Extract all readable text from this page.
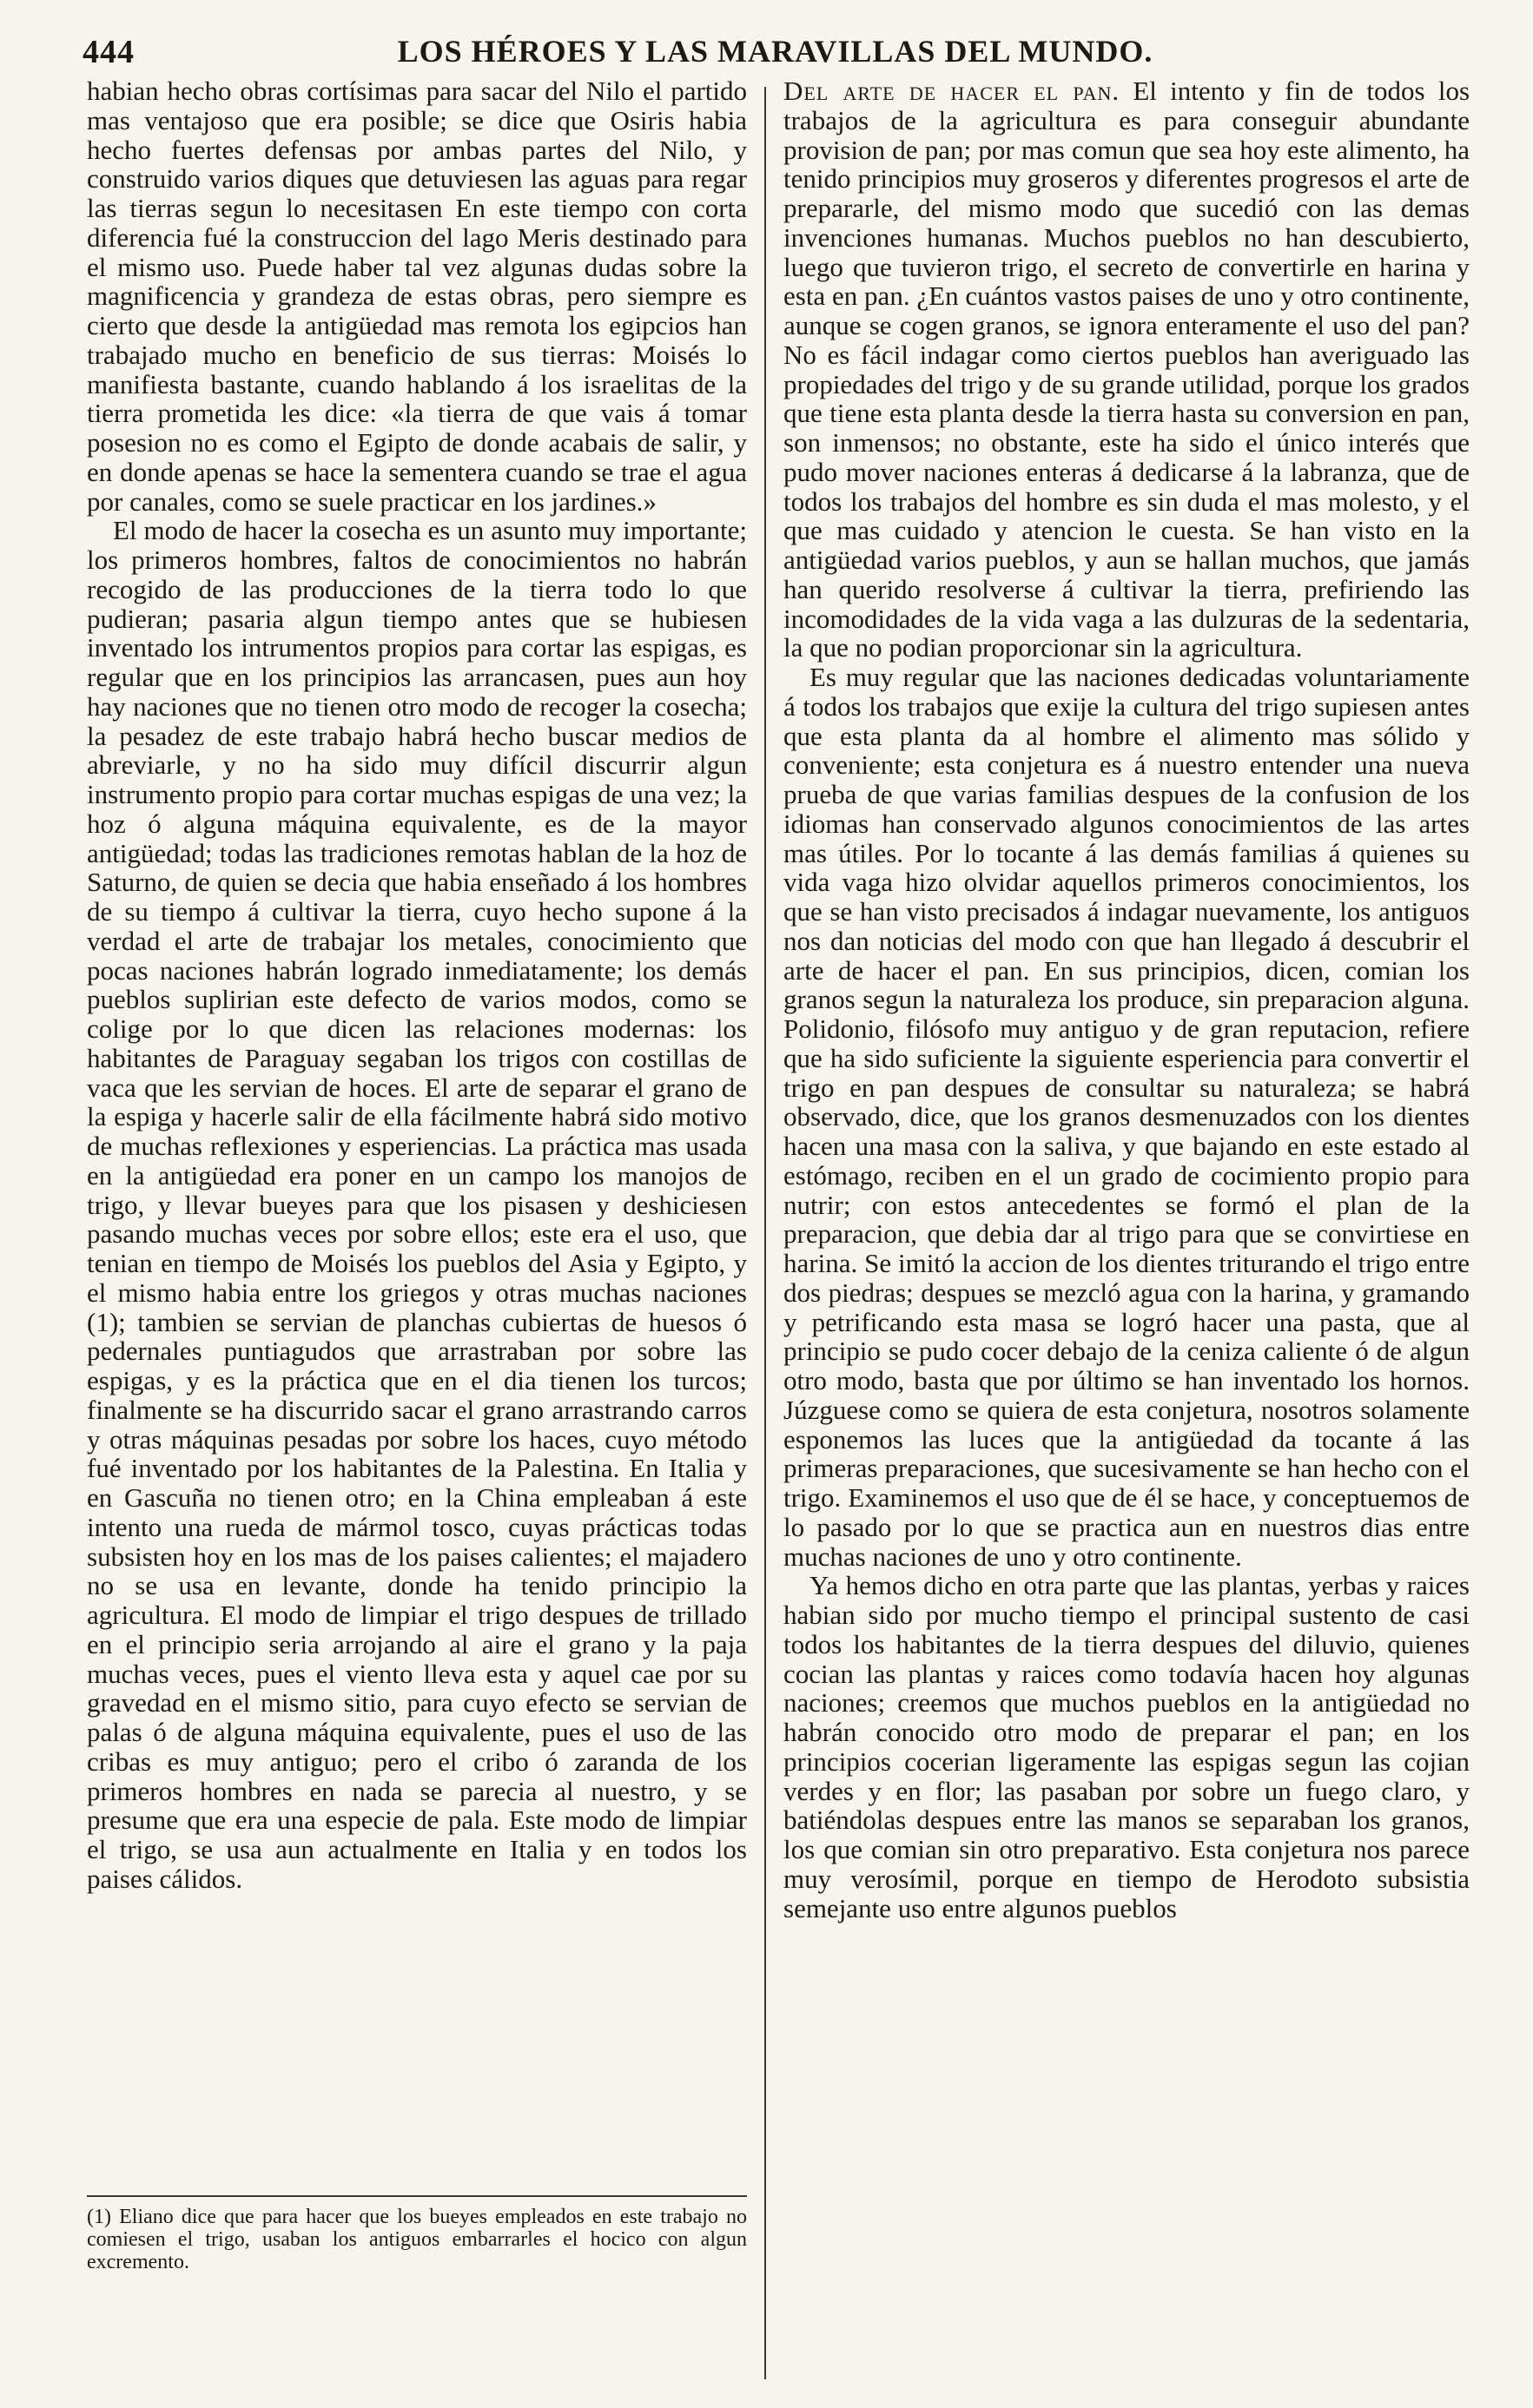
444	LOS HÉROES Y LAS MARAVILLAS DEL MUNDO.

habian hecho obras cortísimas para sacar del Nilo el partido mas ventajoso que era posible; se dice que Osiris habia hecho fuertes defensas por ambas partes del Nilo, y construido varios diques que detuviesen las aguas para regar las tierras segun lo necesitasen En este tiempo con corta diferencia fué la construccion del lago Meris destinado para el mismo uso. Puede haber tal vez algunas dudas sobre la magnificencia y grandeza de estas obras, pero siempre es cierto que desde la antigüedad mas remota los egipcios han trabajado mucho en beneficio de sus tierras: Moisés lo manifiesta bastante, cuando hablando á los israelitas de la tierra prometida les dice: «la tierra de que vais á tomar posesion no es como el Egipto de donde acabais de salir, y en donde apenas se hace la sementera cuando se trae el agua por canales, como se suele practicar en los jardines.»

El modo de hacer la cosecha es un asunto muy importante; los primeros hombres, faltos de conocimientos no habrán recogido de las producciones de la tierra todo lo que pudieran; pasaria algun tiempo antes que se hubiesen inventado los intrumentos propios para cortar las espigas, es regular que en los principios las arrancasen, pues aun hoy hay naciones que no tienen otro modo de recoger la cosecha; la pesadez de este trabajo habrá hecho buscar medios de abreviarle, y no ha sido muy difícil discurrir algun instrumento propio para cortar muchas espigas de una vez; la hoz ó alguna máquina equivalente, es de la mayor antigüedad; todas las tradiciones remotas hablan de la hoz de Saturno, de quien se decia que habia enseñado á los hombres de su tiempo á cultivar la tierra, cuyo hecho supone á la verdad el arte de trabajar los metales, conocimiento que pocas naciones habrán logrado inmediatamente; los demás pueblos suplirian este defecto de varios modos, como se colige por lo que dicen las relaciones modernas: los habitantes de Paraguay segaban los trigos con costillas de vaca que les servian de hoces. El arte de separar el grano de la espiga y hacerle salir de ella fácilmente habrá sido motivo de muchas reflexiones y esperiencias. La práctica mas usada en la antigüedad era poner en un campo los manojos de trigo, y llevar bueyes para que los pisasen y deshiciesen pasando muchas veces por sobre ellos; este era el uso, que tenian en tiempo de Moisés los pueblos del Asia y Egipto, y el mismo habia entre los griegos y otras muchas naciones (1); tambien se servian de planchas cubiertas de huesos ó pedernales puntiagudos que arrastraban por sobre las espigas, y es la práctica que en el dia tienen los turcos; finalmente se ha discurrido sacar el grano arrastrando carros y otras máquinas pesadas por sobre los haces, cuyo método fué inventado por los habitantes de la Palestina. En Italia y en Gascuña no tienen otro; en la China empleaban á este intento una rueda de mármol tosco, cuyas prácticas todas subsisten hoy en los mas de los paises calientes; el majadero no se usa en levante, donde ha tenido principio la agricultura. El modo de limpiar el trigo despues de trillado en el principio seria arrojando al aire el grano y la paja muchas veces, pues el viento lleva esta y aquel cae por su gravedad en el mismo sitio, para cuyo efecto se servian de palas ó de alguna máquina equivalente, pues el uso de las cribas es muy antiguo; pero el cribo ó zaranda de los primeros hombres en nada se parecia al nuestro, y se presume que era una especie de pala. Este modo de limpiar el trigo, se usa aun actualmente en Italia y en todos los paises cálidos.

(1) Eliano dice que para hacer que los bueyes empleados en este trabajo no comiesen el trigo, usaban los antiguos embarrarles el hocico con algun excremento.

Del arte de hacer el pan. El intento y fin de todos los trabajos de la agricultura es para conseguir abundante provision de pan; por mas comun que sea hoy este alimento, ha tenido principios muy groseros y diferentes progresos el arte de prepararle, del mismo modo que sucedió con las demas invenciones humanas. Muchos pueblos no han descubierto, luego que tuvieron trigo, el secreto de convertirle en harina y esta en pan. ¿En cuántos vastos paises de uno y otro continente, aunque se cogen granos, se ignora enteramente el uso del pan? No es fácil indagar como ciertos pueblos han averiguado las propiedades del trigo y de su grande utilidad, porque los grados que tiene esta planta desde la tierra hasta su conversion en pan, son inmensos; no obstante, este ha sido el único interés que pudo mover naciones enteras á dedicarse á la labranza, que de todos los trabajos del hombre es sin duda el mas molesto, y el que mas cuidado y atencion le cuesta. Se han visto en la antigüedad varios pueblos, y aun se hallan muchos, que jamás han querido resolverse á cultivar la tierra, prefiriendo las incomodidades de la vida vaga a las dulzuras de la sedentaria, la que no podian proporcionar sin la agricultura.

Es muy regular que las naciones dedicadas voluntariamente á todos los trabajos que exije la cultura del trigo supiesen antes que esta planta da al hombre el alimento mas sólido y conveniente; esta conjetura es á nuestro entender una nueva prueba de que varias familias despues de la confusion de los idiomas han conservado algunos conocimientos de las artes mas útiles. Por lo tocante á las demás familias á quienes su vida vaga hizo olvidar aquellos primeros conocimientos, los que se han visto precisados á indagar nuevamente, los antiguos nos dan noticias del modo con que han llegado á descubrir el arte de hacer el pan. En sus principios, dicen, comian los granos segun la naturaleza los produce, sin preparacion alguna. Polidonio, filósofo muy antiguo y de gran reputacion, refiere que ha sido suficiente la siguiente esperiencia para convertir el trigo en pan despues de consultar su naturaleza; se habrá observado, dice, que los granos desmenuzados con los dientes hacen una masa con la saliva, y que bajando en este estado al estómago, reciben en el un grado de cocimiento propio para nutrir; con estos antecedentes se formó el plan de la preparacion, que debia dar al trigo para que se convirtiese en harina. Se imitó la accion de los dientes triturando el trigo entre dos piedras; despues se mezcló agua con la harina, y gramando y petrificando esta masa se logró hacer una pasta, que al principio se pudo cocer debajo de la ceniza caliente ó de algun otro modo, basta que por último se han inventado los hornos. Júzguese como se quiera de esta conjetura, nosotros solamente esponemos las luces que la antigüedad da tocante á las primeras preparaciones, que sucesivamente se han hecho con el trigo. Examinemos el uso que de él se hace, y conceptuemos de lo pasado por lo que se practica aun en nuestros dias entre muchas naciones de uno y otro continente.

Ya hemos dicho en otra parte que las plantas, yerbas y raices habian sido por mucho tiempo el principal sustento de casi todos los habitantes de la tierra despues del diluvio, quienes cocian las plantas y raices como todavía hacen hoy algunas naciones; creemos que muchos pueblos en la antigüedad no habrán conocido otro modo de preparar el pan; en los principios cocerian ligeramente las espigas segun las cojian verdes y en flor; las pasaban por sobre un fuego claro, y batiéndolas despues entre las manos se separaban los granos, los que comian sin otro preparativo. Esta conjetura nos parece muy verosímil, porque en tiempo de Herodoto subsistia semejante uso entre algunos pueblos
